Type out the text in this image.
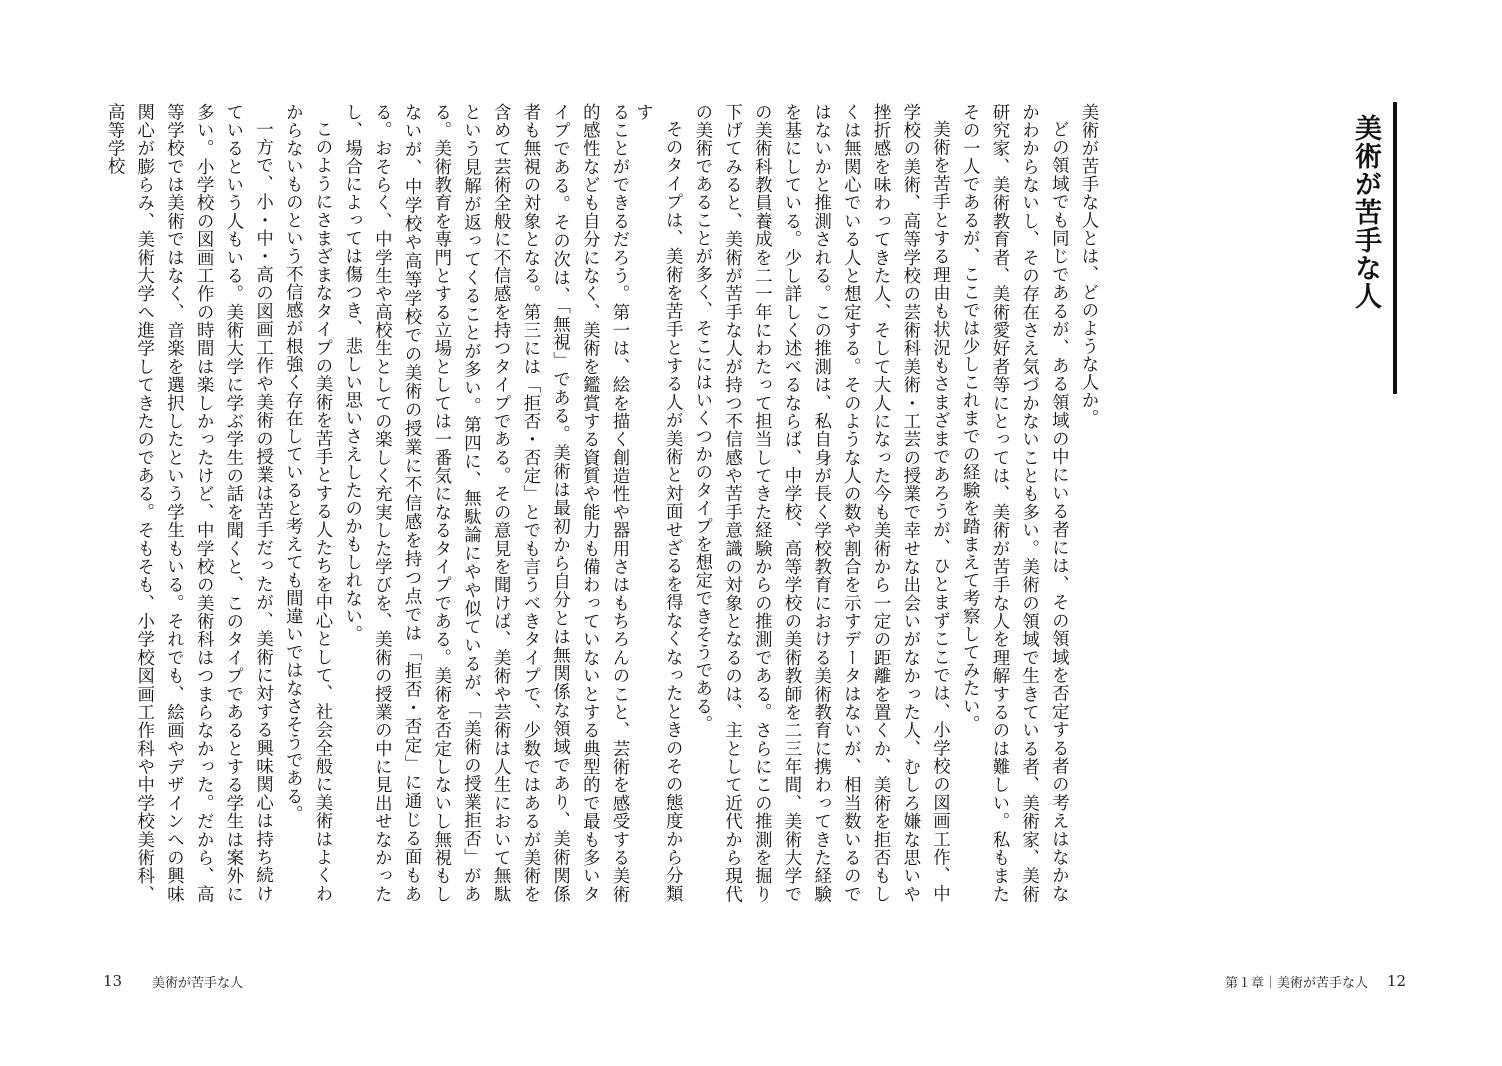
美術が苦手な人

美術が苦手な人とは、どのような人か。

どの領域でも同じであるが、ある領域の中にいる者には、その領域を否定する者の考えはなかなかわからないし、その存在さえ気づかないことも多い。美術の領域で生きている者、美術家、美術研究家、美術教育者、美術愛好者等にとっては、美術が苦手な人を理解するのは難しい。私もまたその一人であるが、ここでは少しこれまでの経験を踏まえて考察してみたい。

美術を苦手とする理由も状況もさまざまであろうが、ひとまずここでは、小学校の図画工作、中学校の美術、高等学校の芸術科美術・工芸の授業で幸せな出会いがなかった人、むしろ嫌な思いや挫折感を味わってきた人、そして大人になった今も美術から一定の距離を置くか、美術を拒否もしくは無関心でいる人と想定する。そのような人の数や割合を示すデータはないが、相当数いるのではないかと推測される。この推測は、私自身が長く学校教育における美術教育に携わってきた経験を基にしている。少し詳しく述べるならば、中学校、高等学校の美術教師を二三年間、美術大学での美術科教員養成を二一年にわたって担当してきた経験からの推測である。さらにこの推測を掘り下げてみると、美術が苦手な人が持つ不信感や苦手意識の対象となるのは、主として近代から現代の美術であることが多く、そこにはいくつかのタイプを想定できそうである。

そのタイプは、美術を苦手とする人が美術と対面せざるを得なくなったときのその態度から分類す

第１章｜美術が苦手な人 12

ることができるだろう。第一は、絵を描く創造性や器用さはもちろんのこと、芸術を感受する美術的感性なども自分になく、美術を鑑賞する資質や能力も備わっていないとする典型的で最も多いタイプである。その次は、「無視」である。美術は最初から自分とは無関係な領域であり、美術関係者も無視の対象となる。第三には「拒否・否定」とでも言うべきタイプで、少数ではあるが美術を含めて芸術全般に不信感を持つタイプである。その意見を聞けば、美術や芸術は人生において無駄という見解が返ってくることが多い。第四に、無駄論にやや似ているが、「美術の授業拒否」がある。美術教育を専門とする立場としては一番気になるタイプである。美術を否定しないし無視もしないが、中学校や高等学校での美術の授業に不信感を持つ点では「拒否・否定」に通じる面もある。おそらく、中学生や高校生としての楽しく充実した学びを、美術の授業の中に見出せなかったし、場合によっては傷つき、悲しい思いさえしたのかもしれない。

このようにさまざまなタイプの美術を苦手とする人たちを中心として、社会全般に美術はよくわからないものという不信感が根強く存在していると考えても間違いではなさそうである。

一方で、小・中・高の図画工作や美術の授業は苦手だったが、美術に対する興味関心は持ち続けているという人もいる。美術大学に学ぶ学生の話を聞くと、このタイプであるとする学生は案外に多い。小学校の図画工作の時間は楽しかったけど、中学校の美術科はつまらなかった。だから、高等学校では美術ではなく、音楽を選択したという学生もいる。それでも、絵画やデザインへの興味関心が膨らみ、美術大学へ進学してきたのである。そもそも、小学校図画工作科や中学校美術科、高等学校

13 美術が苦手な人
